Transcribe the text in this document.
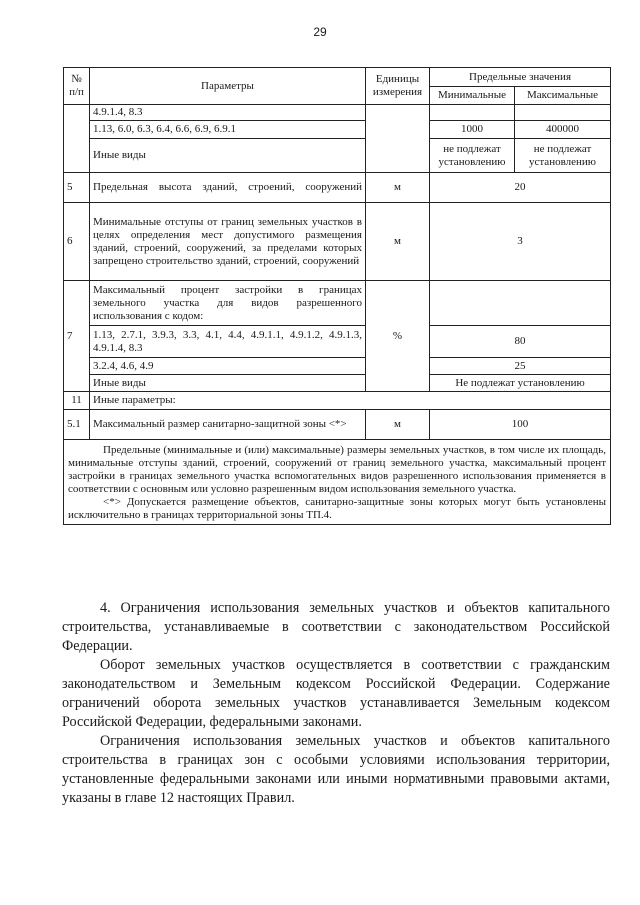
29
№ п/п	Параметры	Единицы измерения	Предельные значения	
			Минимальные	Максимальные
	4.9.1.4, 8.3			
	1.13, 6.0, 6.3, 6.4, 6.6, 6.9, 6.9.1		1000	400000
	Иные виды		не подлежат установлению	не подлежат установлению
5	Предельная высота зданий, строений, сооружений	м	20	
6	Минимальные отступы от границ земельных участков в целях определения мест допустимого размещения зданий, строений, сооружений, за пределами которых запрещено строительство зданий, строений, сооружений	м	3	
7	Максимальный процент застройки в границах земельного участка для видов разрешенного использования с кодом:	%		
	1.13, 2.7.1, 3.9.3, 3.3, 4.1, 4.4, 4.9.1.1, 4.9.1.2, 4.9.1.3, 4.9.1.4, 8.3		80	
	3.2.4, 4.6, 4.9		25	
	Иные виды		Не подлежат установлению	
11	Иные параметры:			
5.1	Максимальный размер санитарно-защитной зоны <*>	м	100	

Предельные (минимальные и (или) максимальные) размеры земельных участков, в том числе их площадь, минимальные отступы зданий, строений, сооружений от границ земельного участка, максимальный процент застройки в границах земельного участка вспомогательных видов разрешенного использования применяется в соответствии с основным или условно разрешенным видом использования земельного участка.

<*> Допускается размещение объектов, санитарно-защитные зоны которых могут быть установлены исключительно в границах территориальной зоны ТП.4.				

4. Ограничения использования земельных участков и объектов капитального строительства, устанавливаемые в соответствии с законодательством Российской Федерации.

Оборот земельных участков осуществляется в соответствии с гражданским законодательством и Земельным кодексом Российской Федерации. Содержание ограничений оборота земельных участков устанавливается Земельным кодексом Российской Федерации, федеральными законами.

Ограничения использования земельных участков и объектов капитального строительства в границах зон с особыми условиями использования территории, установленные федеральными законами или иными нормативными правовыми актами, указаны в главе 12 настоящих Правил.
